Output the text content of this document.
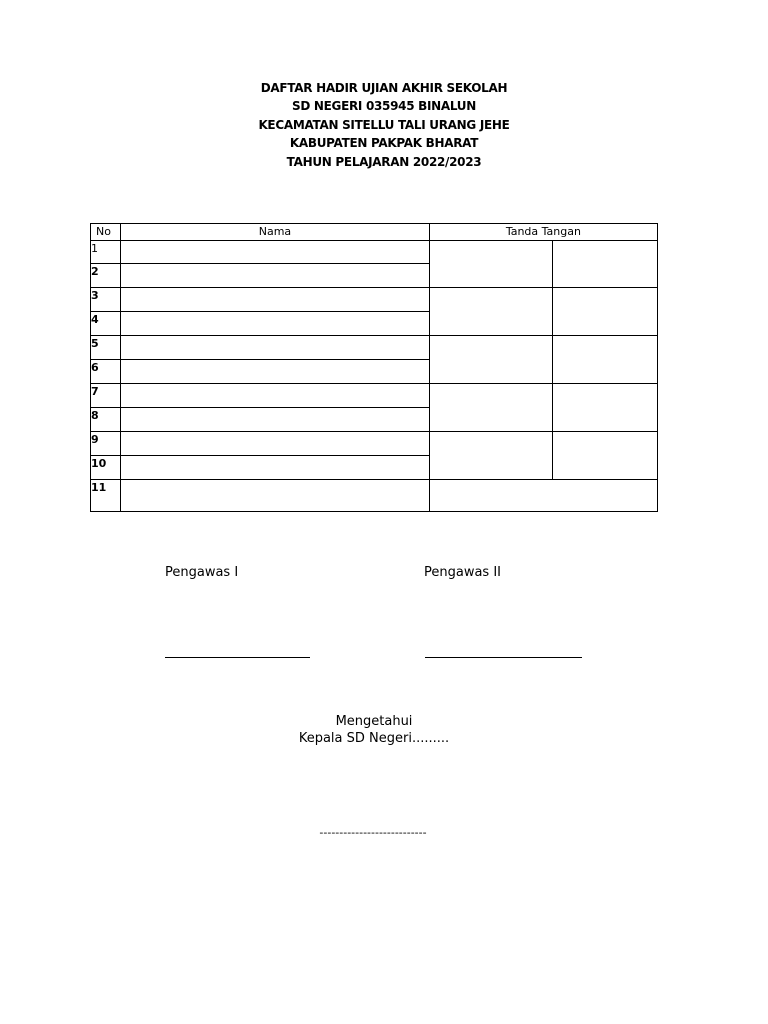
DAFTAR HADIR UJIAN AKHIR SEKOLAH
SD NEGERI 035945 BINALUN
KECAMATAN SITELLU TALI URANG JEHE
KABUPATEN PAKPAK BHARAT
TAHUN PELAJARAN 2022/2023
No	Nama	Tanda Tangan	
1			
2			
3			
4			
5			
6			
7			
8			
9			
10			
11			
Pengawas I	Pengawas II
Mengetahui
Kepala SD Negeri.........
---------------------------
